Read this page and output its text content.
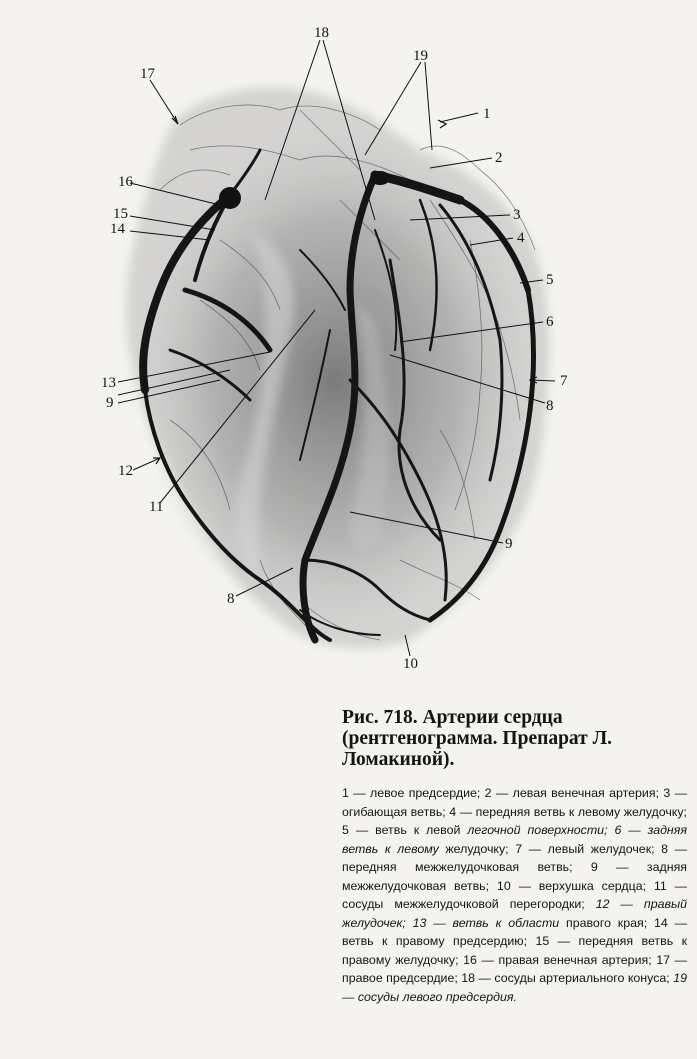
1
2
3
4
5
6
7
8
9
8
10
11
12
13
9
14
15
16
17
18
19

Рис. 718. Артерии сердца (рентгенограмма. Препарат Л. Ломакиной).

1 — левое предсердие; 2 — левая венечная артерия; 3 — огибающая ветвь; 4 — передняя ветвь к левому желудочку; 5 — ветвь к левой легочной поверхности; 6 — задняя ветвь к левому желудочку; 7 — левый желудочек; 8 — передняя межжелудочковая ветвь; 9 — задняя межжелудочковая ветвь; 10 — верхушка сердца; 11 — сосуды межжелудочковой перегородки; 12 — правый желудочек; 13 — ветвь к области правого края; 14 — ветвь к правому предсердию; 15 — передняя ветвь к правому желудочку; 16 — правая венечная артерия; 17 — правое предсердие; 18 — сосуды артериального конуса; 19 — сосуды левого предсердия.
